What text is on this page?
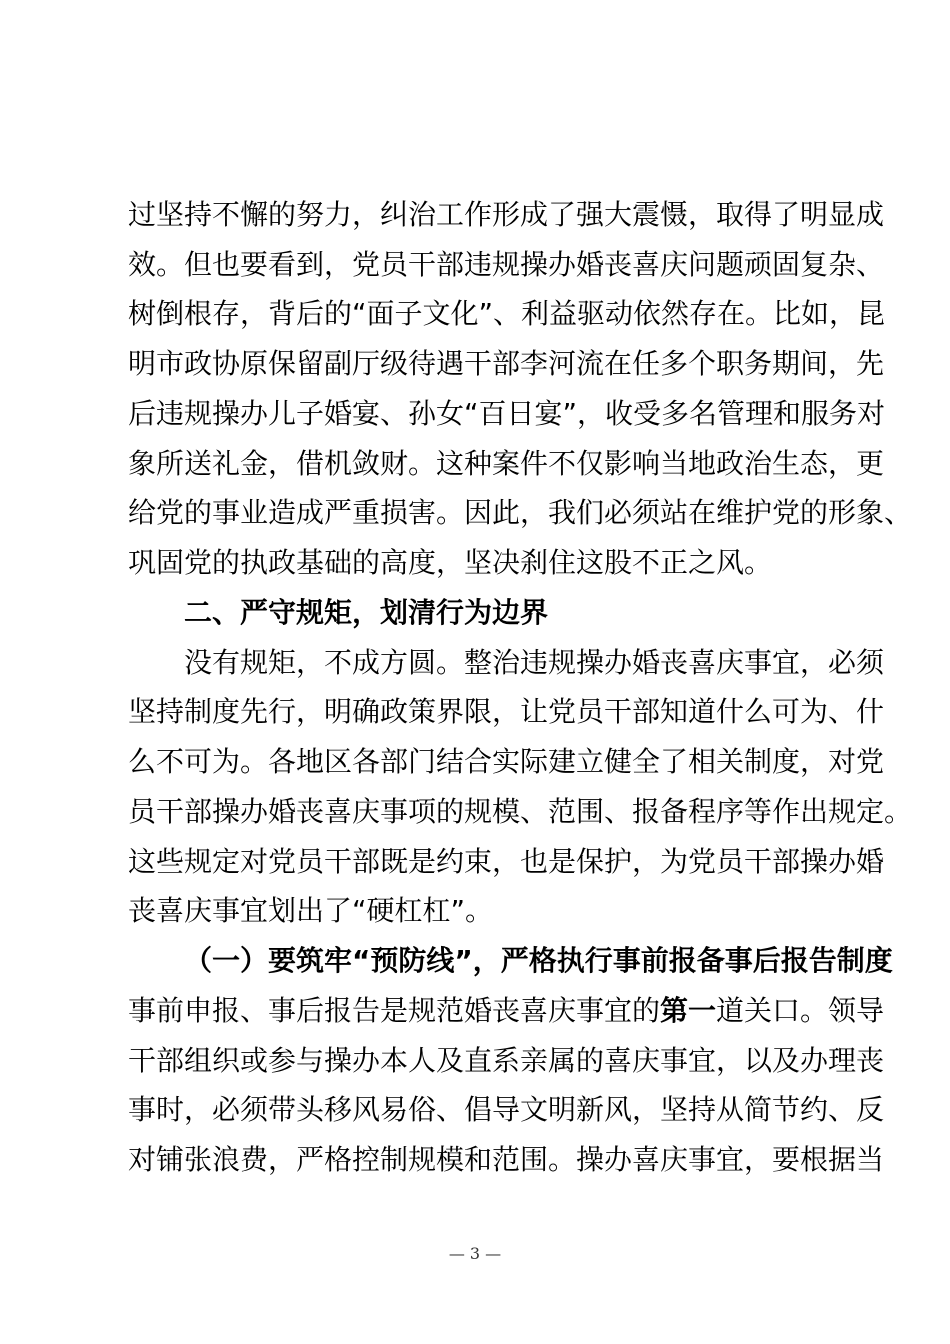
过坚持不懈的努力，纠治工作形成了强大震慑，取得了明显成
效。但也要看到，党员干部违规操办婚丧喜庆问题顽固复杂、
树倒根存，背后的“面子文化”、利益驱动依然存在。比如，昆
明市政协原保留副厅级待遇干部李河流在任多个职务期间，先
后违规操办儿子婚宴、孙女“百日宴”，收受多名管理和服务对
象所送礼金，借机敛财。这种案件不仅影响当地政治生态，更
给党的事业造成严重损害。因此，我们必须站在维护党的形象、
巩固党的执政基础的高度，坚决刹住这股不正之风。
二、严守规矩，划清行为边界
没有规矩，不成方圆。整治违规操办婚丧喜庆事宜，必须
坚持制度先行，明确政策界限，让党员干部知道什么可为、什
么不可为。各地区各部门结合实际建立健全了相关制度，对党
员干部操办婚丧喜庆事项的规模、范围、报备程序等作出规定。
这些规定对党员干部既是约束，也是保护，为党员干部操办婚
丧喜庆事宜划出了“硬杠杠”。
（一）要筑牢“预防线”，严格执行事前报备事后报告制度
事前申报、事后报告是规范婚丧喜庆事宜的第一道关口。领导
干部组织或参与操办本人及直系亲属的喜庆事宜，以及办理丧
事时，必须带头移风易俗、倡导文明新风，坚持从简节约、反
对铺张浪费，严格控制规模和范围。操办喜庆事宜，要根据当
— 3 —
